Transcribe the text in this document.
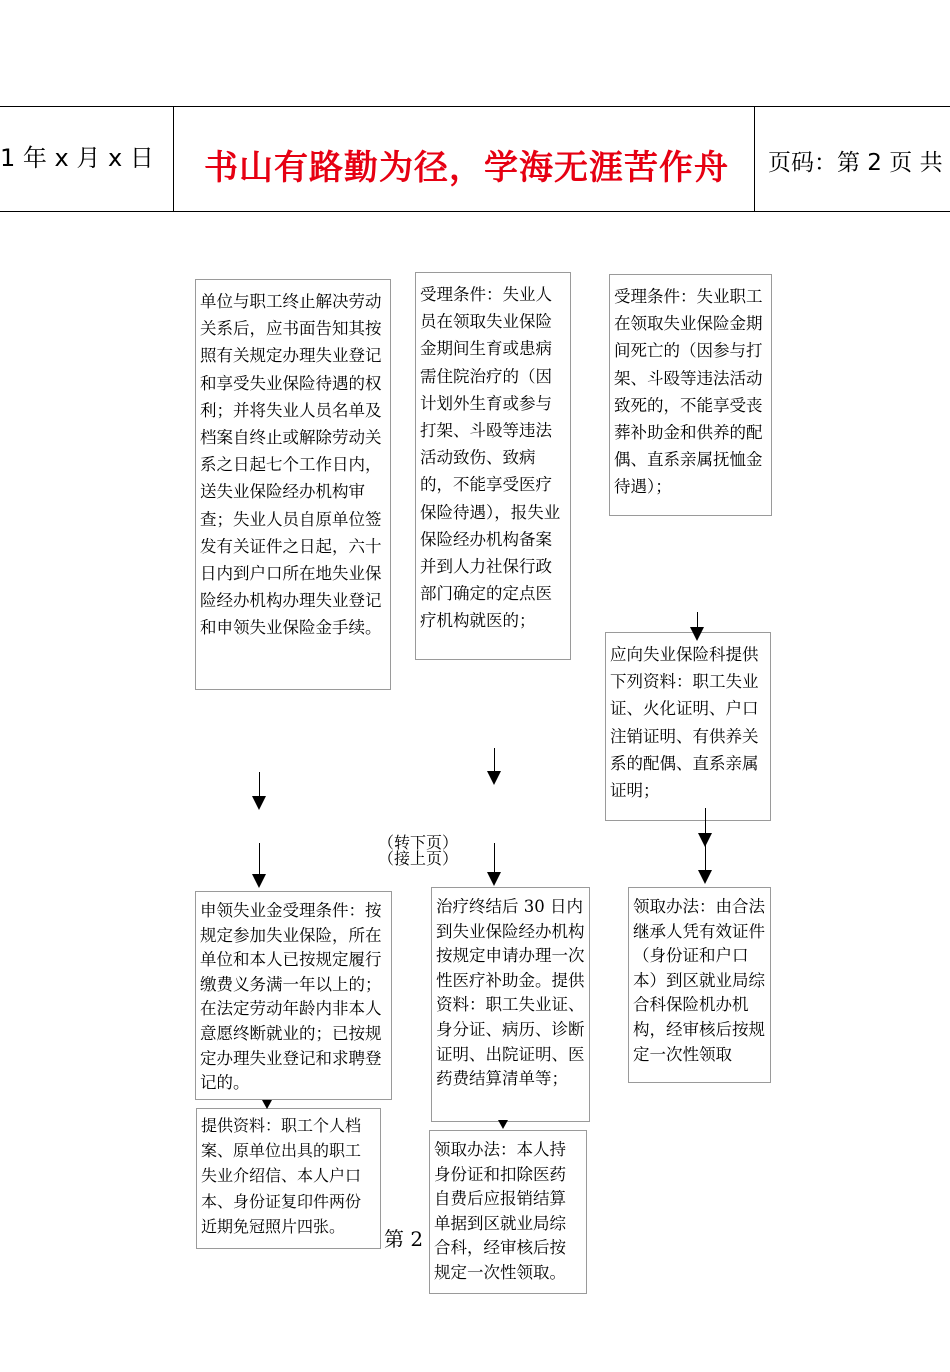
1 年 x 月 x 日 书山有路勤为径，学海无涯苦作舟 页码：第 2 页 共
单位与职工终止解决劳动关系后，应书面告知其按照有关规定办理失业登记和享受失业保险待遇的权利；并将失业人员名单及档案自终止或解除劳动关系之日起七个工作日内，送失业保险经办机构审查；失业人员自原单位签发有关证件之日起，六十日内到户口所在地失业保险经办机构办理失业登记和申领失业保险金手续。
申领失业金受理条件：按规定参加失业保险，所在单位和本人已按规定履行缴费义务满一年以上的；在法定劳动年龄内非本人意愿终断就业的；已按规定办理失业登记和求聘登记的。
提供资料：职工个人档案、原单位出具的职工失业介绍信、本人户口本、身份证复印件两份近期免冠照片四张。
受理条件：失业人员在领取失业保险金期间生育或患病需住院治疗的（因计划外生育或参与打架、斗殴等违法活动致伤、致病的，不能享受医疗保险待遇），报失业保险经办机构备案并到人力社保行政部门确定的定点医疗机构就医的；
治疗终结后 30 日内到失业保险经办机构按规定申请办理一次性医疗补助金。提供资料：职工失业证、身分证、病历、诊断证明、出院证明、医药费结算清单等；
领取办法：本人持身份证和扣除医药自费后应报销结算单据到区就业局综合科，经审核后按规定一次性领取。
受理条件：失业职工在领取失业保险金期间死亡的（因参与打架、斗殴等违法活动致死的，不能享受丧葬补助金和供养的配偶、直系亲属抚恤金待遇）；
应向失业保险科提供下列资料：职工失业证、火化证明、户口注销证明、有供养关系的配偶、直系亲属证明；
领取办法：由合法继承人凭有效证件（身份证和户口本）到区就业局综合科保险机办机构，经审核后按规定一次性领取
（转下页）
（接上页）
第 2
